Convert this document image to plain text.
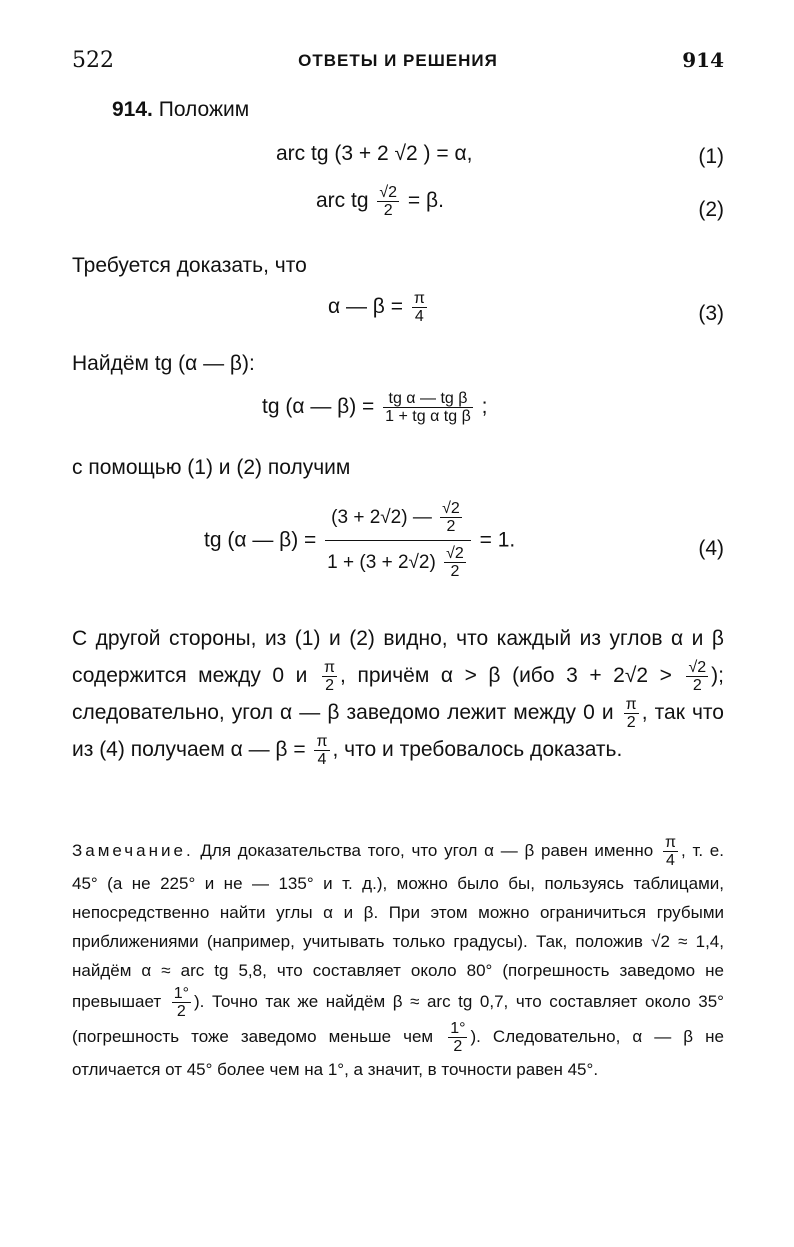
522	ОТВЕТЫ И РЕШЕНИЯ	914
914. Положим
arc tg (3 + 2 √2 ) = α,	(1)
arc tg $\frac{√2}{2} = \beta$.	(2)
Требуется доказать, что
α — $\beta = \frac{\pi}{4}$	(3)
Найдём tg (α — β):
tg (α — $\beta) = \frac{\text{tg α — tg β}}{\text{1 + tg α tg β}}$ ;
с помощью (1) и (2) получим
tg (α — $\beta) = \frac{(3 + 2√2) — \frac{√2}{2}}{1 + (3 + 2√2) \frac{√2}{2}} = 1$.	(4)
С другой стороны, из (1) и (2) видно, что каждый из углов α и β содержится между 0 и $\frac{\pi}{2}$ , причём α > β (ибо $3 + 2√2 > \frac{√2}{2}$ ); следовательно, угол α — β заведомо лежит между 0 и $\frac{\pi}{2}$ , так что из (4) получаем α — $\beta = \frac{\pi}{4}$ , что и требовалось доказать.
Замечание. Для доказательства того, что угол α — β равен именно $\frac{\pi}{4}$ , т. е. 45° (а не 225° и не — 135° и т. д.), можно было бы, пользуясь таблицами, непосредственно найти углы α и β. При этом можно ограничиться грубыми приближениями (например, учитывать только градусы). Так, положив √2 ≈ 1,4, найдём α ≈ arc tg 5,8, что составляет около 80° (погрешность заведомо не превышает $\frac{1^\circ}{2}$ ). Точно так же найдём β ≈ arc tg 0,7, что составляет около 35° (погрешность тоже заведомо меньше чем $\frac{1^\circ}{2}$ ). Следовательно, α — β не отличается от 45° более чем на 1°, а значит, в точности равен 45°.
